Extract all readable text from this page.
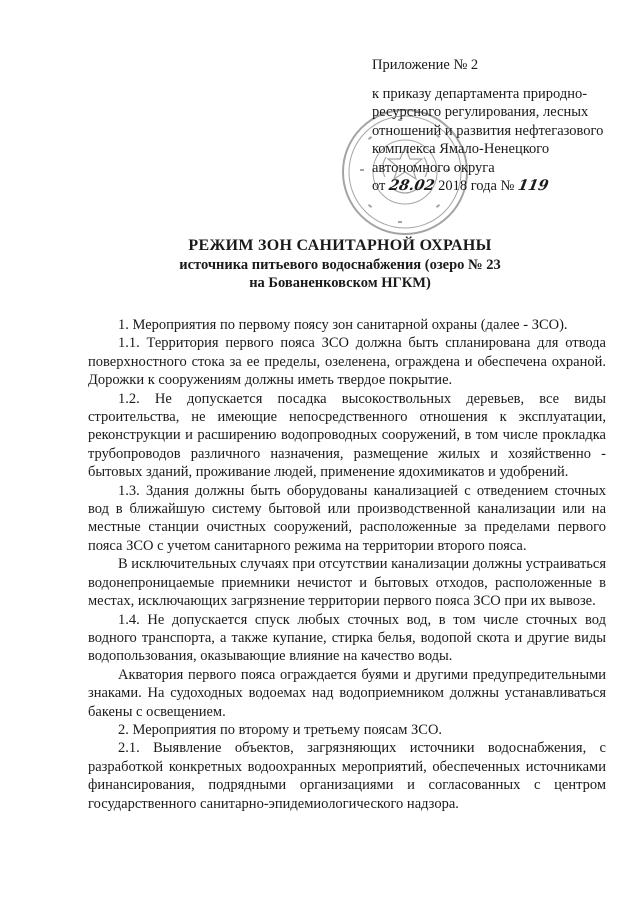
Приложение № 2

к приказу департамента природно-ресурсного регулирования, лесных отношений и развития нефтегазового комплекса Ямало-Ненецкого автономного округа
от 28.02 2018 года № 119

РЕЖИМ ЗОН САНИТАРНОЙ ОХРАНЫ
источника питьевого водоснабжения (озеро № 23
на Бованенковском НГКМ)

1. Мероприятия по первому поясу зон санитарной охраны (далее - ЗСО).

1.1. Территория первого пояса ЗСО должна быть спланирована для отвода поверхностного стока за ее пределы, озеленена, ограждена и обеспечена охраной. Дорожки к сооружениям должны иметь твердое покрытие.

1.2. Не допускается посадка высокоствольных деревьев, все виды строительства, не имеющие непосредственного отношения к эксплуатации, реконструкции и расширению водопроводных сооружений, в том числе прокладка трубопроводов различного назначения, размещение жилых и хозяйственно - бытовых зданий, проживание людей, применение ядохимикатов и удобрений.

1.3. Здания должны быть оборудованы канализацией с отведением сточных вод в ближайшую систему бытовой или производственной канализации или на местные станции очистных сооружений, расположенные за пределами первого пояса ЗСО с учетом санитарного режима на территории второго пояса.

В исключительных случаях при отсутствии канализации должны устраиваться водонепроницаемые приемники нечистот и бытовых отходов, расположенные в местах, исключающих загрязнение территории первого пояса ЗСО при их вывозе.

1.4. Не допускается спуск любых сточных вод, в том числе сточных вод водного транспорта, а также купание, стирка белья, водопой скота и другие виды водопользования, оказывающие влияние на качество воды.

Акватория первого пояса ограждается буями и другими предупредительными знаками. На судоходных водоемах над водоприемником должны устанавливаться бакены с освещением.

2. Мероприятия по второму и третьему поясам ЗСО.

2.1. Выявление объектов, загрязняющих источники водоснабжения, с разработкой конкретных водоохранных мероприятий, обеспеченных источниками финансирования, подрядными организациями и согласованных с центром государственного санитарно-эпидемиологического надзора.
